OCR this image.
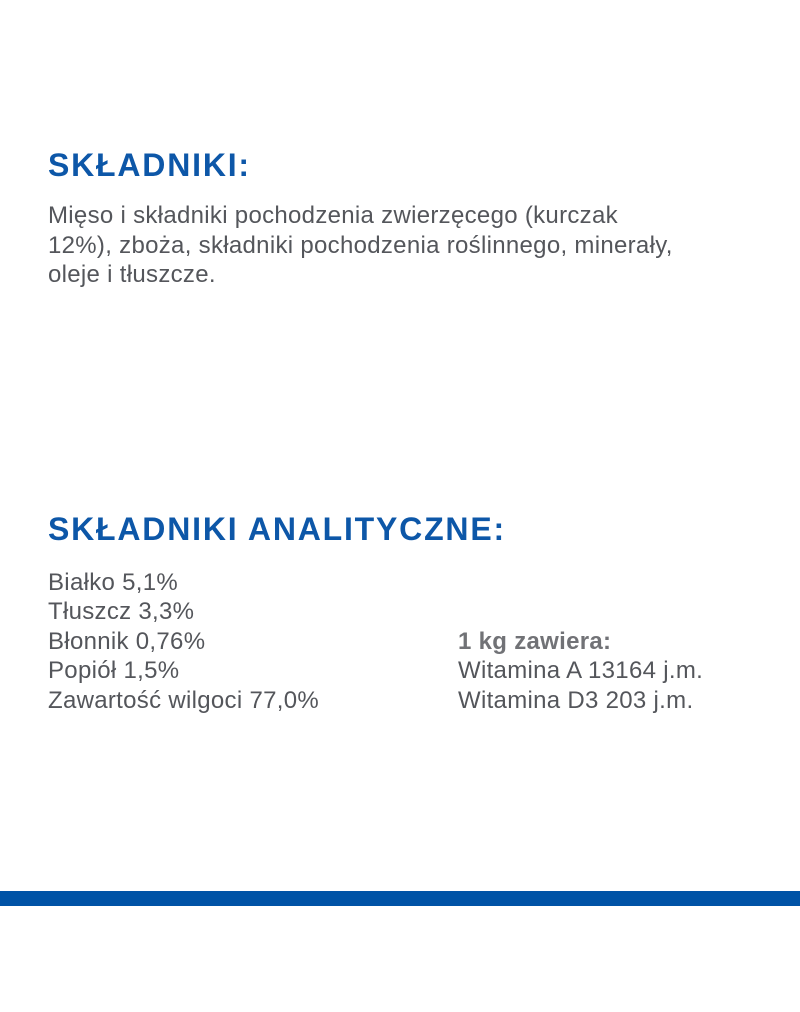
SKŁADNIKI:

Mięso i składniki pochodzenia zwierzęcego (kurczak 12%), zboża, składniki pochodzenia roślinnego, minerały, oleje i tłuszcze.

SKŁADNIKI ANALITYCZNE:
Białko 5,1%
Tłuszcz 3,3%
Błonnik 0,76%
Popiół 1,5%
Zawartość wilgoci 77,0%
1 kg zawiera:
Witamina A 13164 j.m.
Witamina D3 203 j.m.
